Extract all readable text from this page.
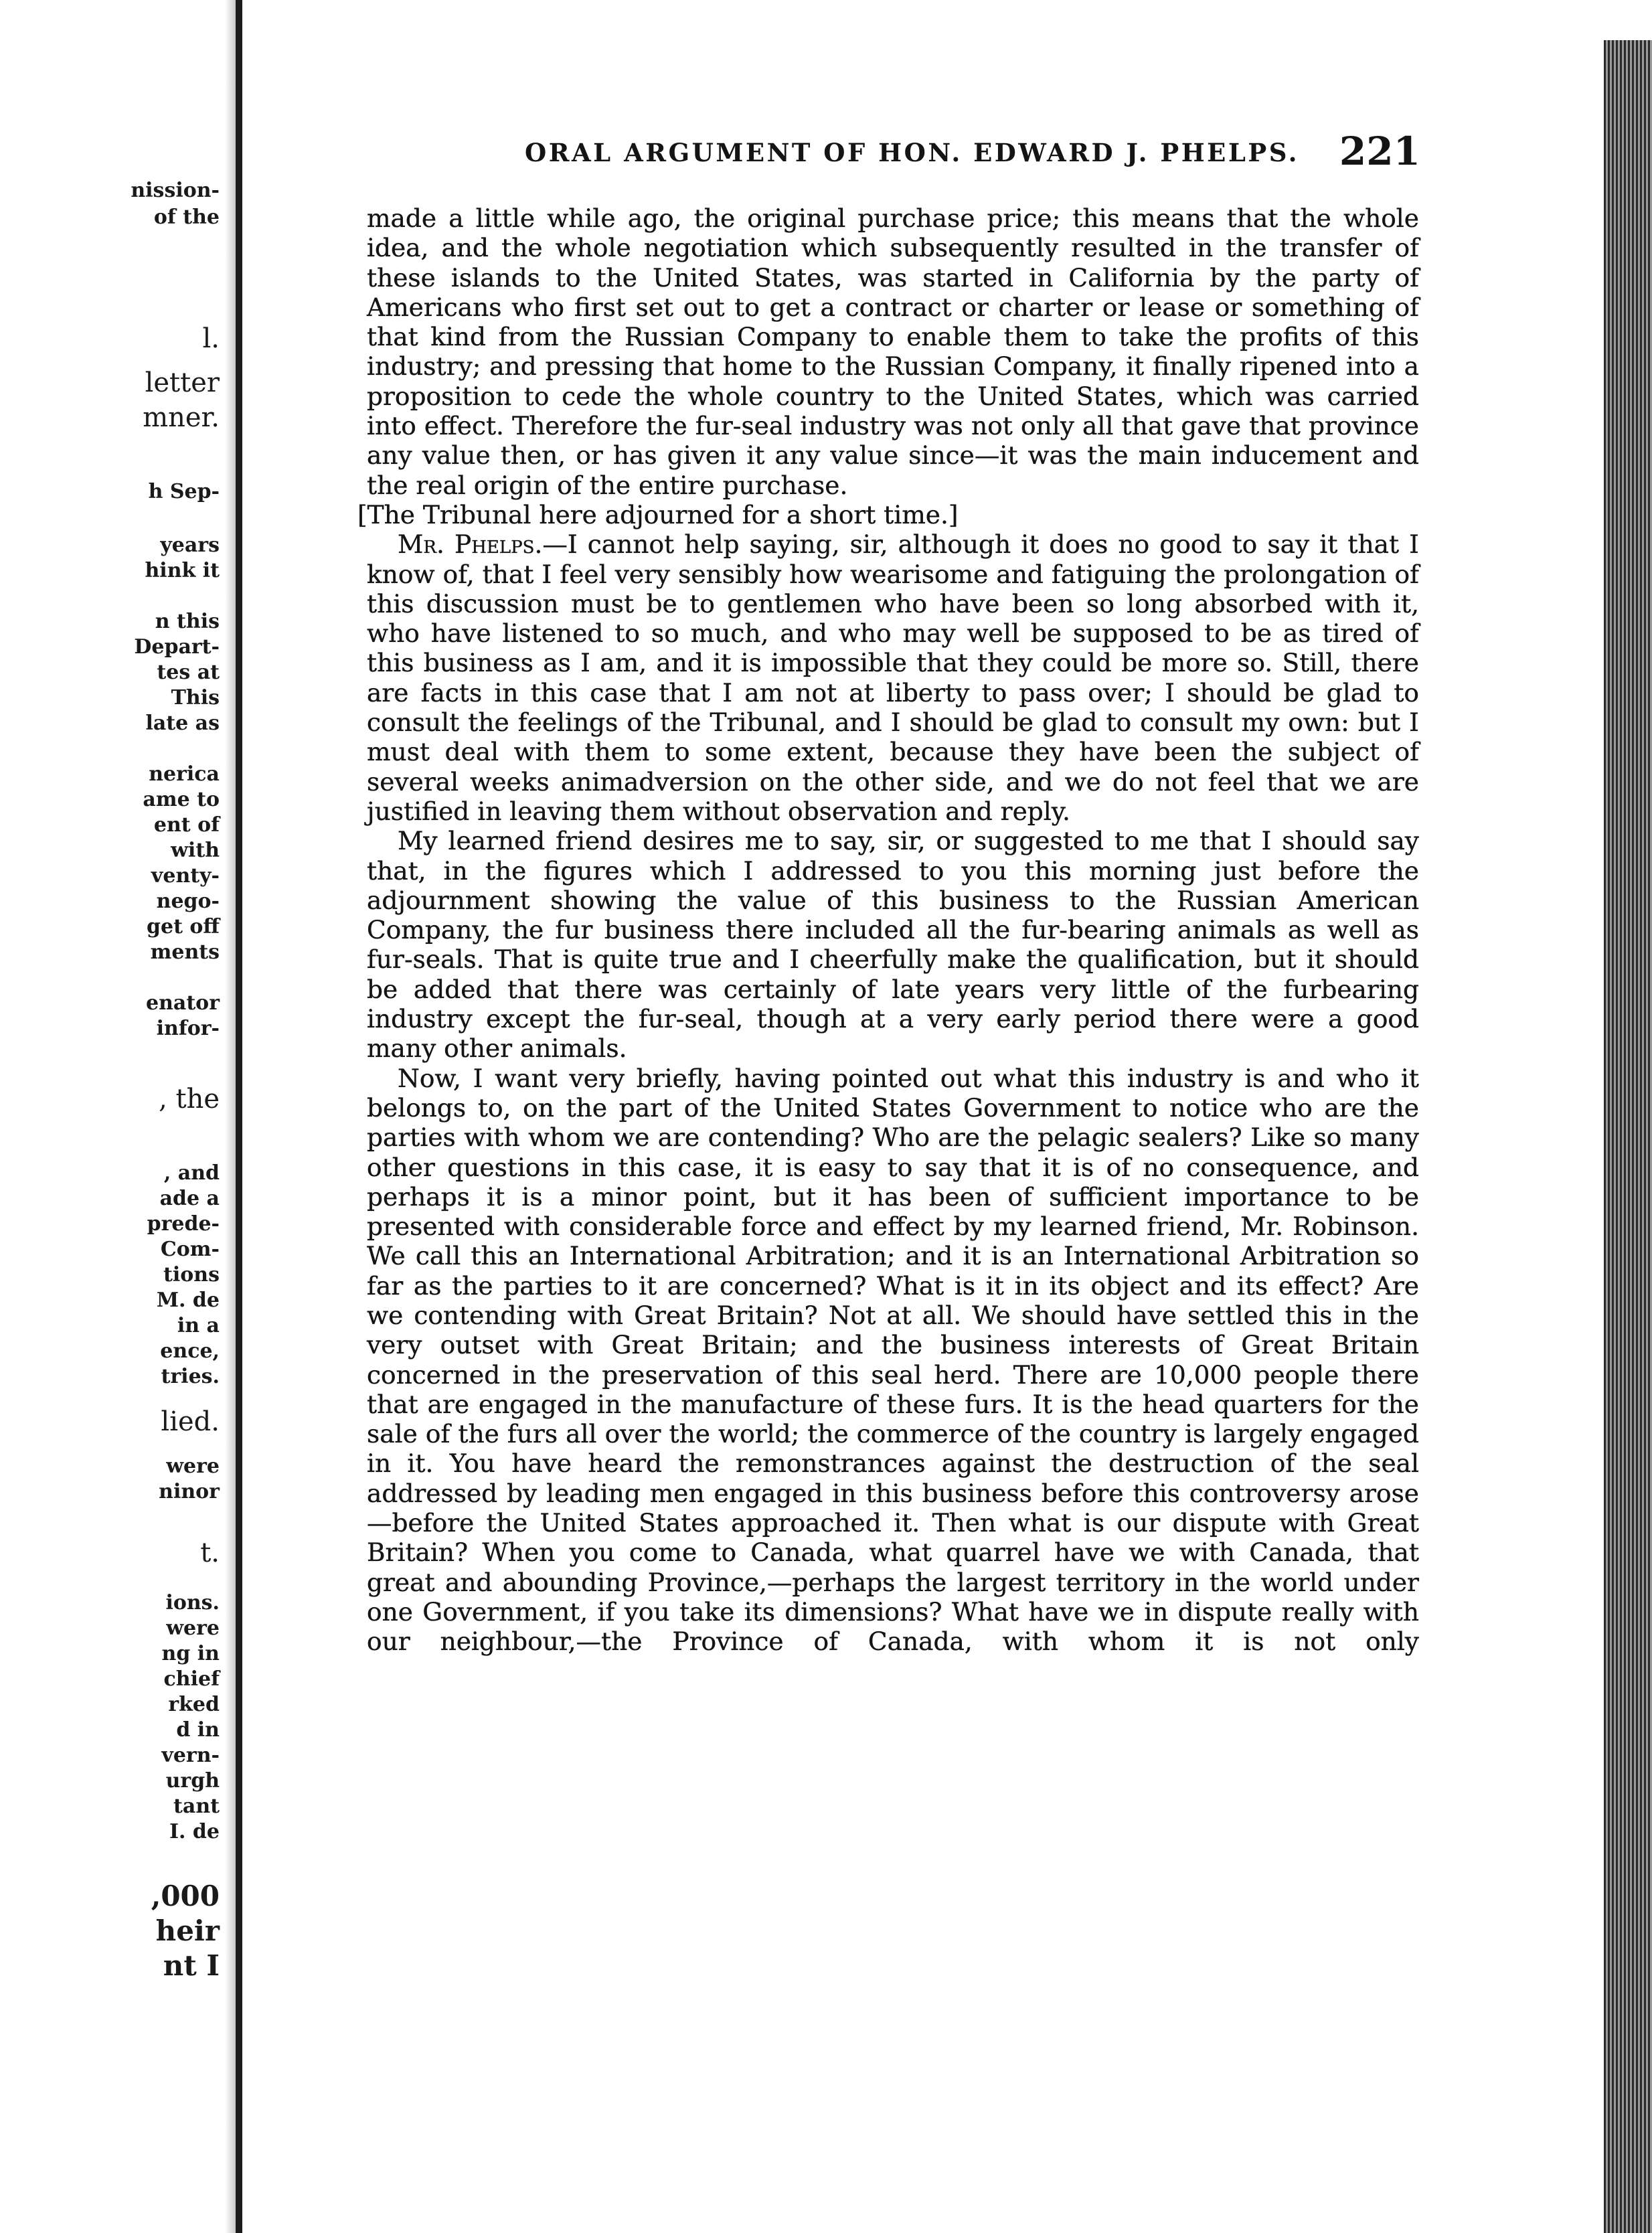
nission-
of the
l.
letter
mner.
h Sep-
years
hink it
n this
Depart-
tes at
This
late as
nerica
ame to
ent of
with
venty-
nego-
get off
ments
enator
infor-
, the
, and
ade a
prede-
Com-
tions
M. de
in a
ence,
tries.
lied.
were
ninor
t.
ions.
were
ng in
chief
rked
d in
vern-
urgh
tant
I. de
,000
heir
nt I
ORAL ARGUMENT OF HON. EDWARD J. PHELPS. 221

made a little while ago, the original purchase price; this means that the whole idea, and the whole negotiation which subsequently resulted in the transfer of these islands to the United States, was started in California by the party of Americans who first set out to get a contract or charter or lease or something of that kind from the Russian Company to enable them to take the profits of this industry; and pressing that home to the Russian Company, it finally ripened into a proposition to cede the whole country to the United States, which was carried into effect. Therefore the fur-seal industry was not only all that gave that province any value then, or has given it any value since—it was the main inducement and the real origin of the entire purchase.

[The Tribunal here adjourned for a short time.]

Mr. Phelps.—I cannot help saying, sir, although it does no good to say it that I know of, that I feel very sensibly how wearisome and fatiguing the prolongation of this discussion must be to gentlemen who have been so long absorbed with it, who have listened to so much, and who may well be supposed to be as tired of this business as I am, and it is impossible that they could be more so. Still, there are facts in this case that I am not at liberty to pass over; I should be glad to consult the feelings of the Tribunal, and I should be glad to consult my own: but I must deal with them to some extent, because they have been the subject of several weeks animadversion on the other side, and we do not feel that we are justified in leaving them without observation and reply.

My learned friend desires me to say, sir, or suggested to me that I should say that, in the figures which I addressed to you this morning just before the adjournment showing the value of this business to the Russian American Company, the fur business there included all the fur-bearing animals as well as fur-seals. That is quite true and I cheerfully make the qualification, but it should be added that there was certainly of late years very little of the furbearing industry except the fur-seal, though at a very early period there were a good many other animals.

Now, I want very briefly, having pointed out what this industry is and who it belongs to, on the part of the United States Government to notice who are the parties with whom we are contending? Who are the pelagic sealers? Like so many other questions in this case, it is easy to say that it is of no consequence, and perhaps it is a minor point, but it has been of sufficient importance to be presented with considerable force and effect by my learned friend, Mr. Robinson. We call this an International Arbitration; and it is an International Arbitration so far as the parties to it are concerned? What is it in its object and its effect? Are we contending with Great Britain? Not at all. We should have settled this in the very outset with Great Britain; and the business interests of Great Britain concerned in the preservation of this seal herd. There are 10,000 people there that are engaged in the manufacture of these furs. It is the head quarters for the sale of the furs all over the world; the commerce of the country is largely engaged in it. You have heard the remonstrances against the destruction of the seal addressed by leading men engaged in this business before this controversy arose—before the United States approached it. Then what is our dispute with Great Britain? When you come to Canada, what quarrel have we with Canada, that great and abounding Province,—perhaps the largest territory in the world under one Government, if you take its dimensions? What have we in dispute really with our neighbour,—the Province of Canada, with whom it is not only
